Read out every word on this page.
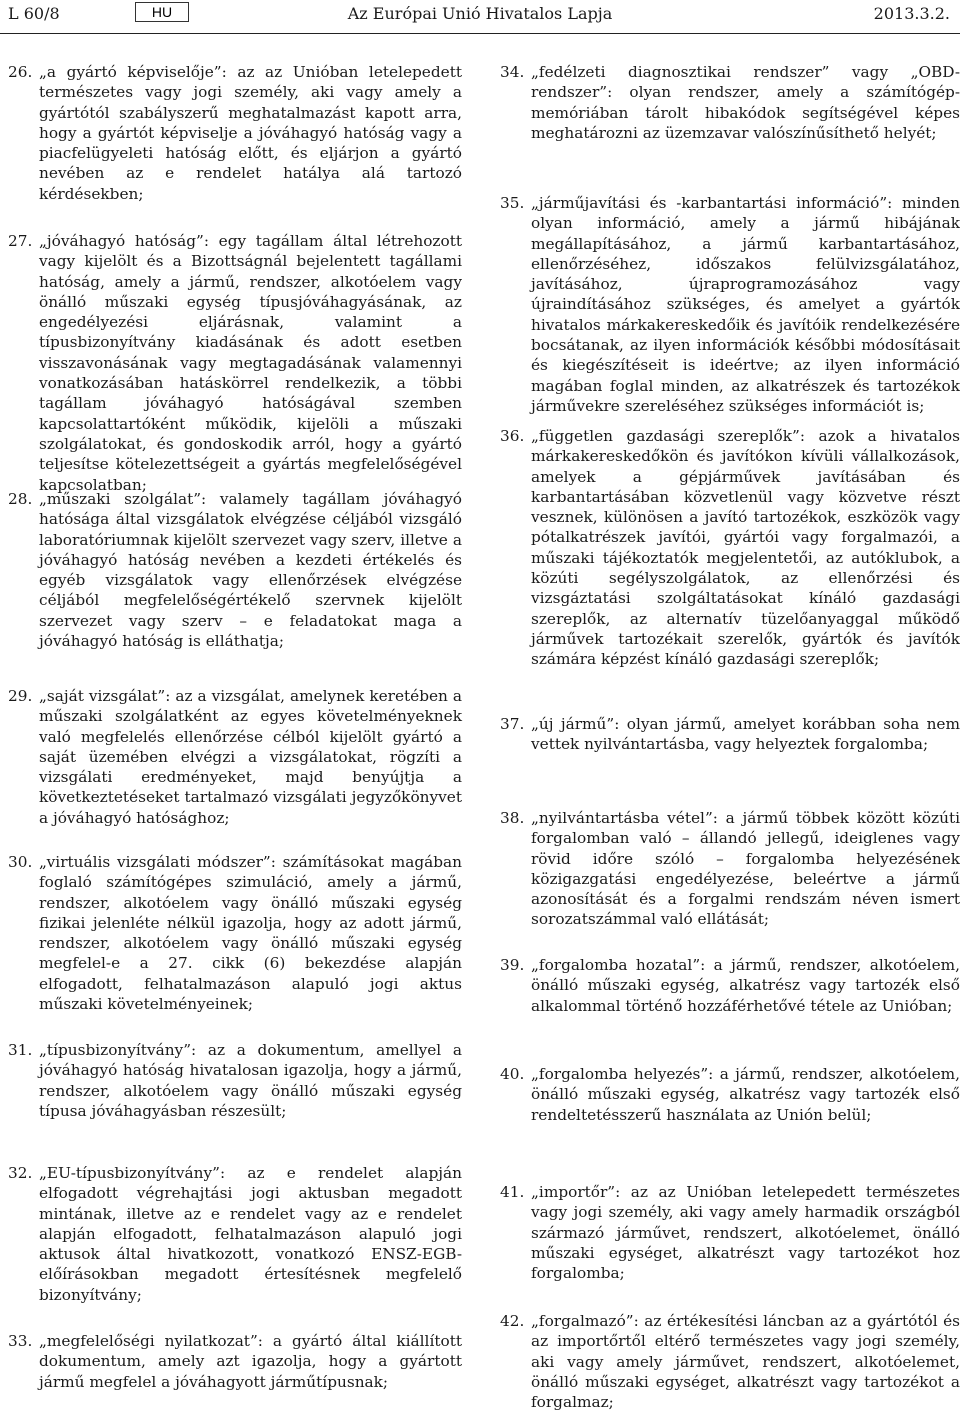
L 60/8	HU	Az Európai Unió Hivatalos Lapja	2013.3.2.
26. „a gyártó képviselője”: az az Unióban letelepedett természetes vagy jogi személy, aki vagy amely a gyártótól szabályszerű meghatalmazást kapott arra, hogy a gyártót képviselje a jóváhagyó hatóság vagy a piacfelügyeleti hatóság előtt, és eljárjon a gyártó nevében az e rendelet hatálya alá tartozó kérdésekben;
27. „jóváhagyó hatóság”: egy tagállam által létrehozott vagy kijelölt és a Bizottságnál bejelentett tagállami hatóság, amely a jármű, rendszer, alkotóelem vagy önálló műszaki egység típusjóváhagyásának, az engedélyezési eljárásnak, valamint a típusbizonyítvány kiadásának és adott esetben visszavonásának vagy megtagadásának valamennyi vonatkozásában hatáskörrel rendelkezik, a többi tagállam jóváhagyó hatóságával szemben kapcsolattartóként működik, kijelöli a műszaki szolgálatokat, és gondoskodik arról, hogy a gyártó teljesítse kötelezettségeit a gyártás megfelelőségével kapcsolatban;
28. „műszaki szolgálat”: valamely tagállam jóváhagyó hatósága által vizsgálatok elvégzése céljából vizsgáló laboratóriumnak kijelölt szervezet vagy szerv, illetve a jóváhagyó hatóság nevében a kezdeti értékelés és egyéb vizsgálatok vagy ellenőrzések elvégzése céljából megfelelőségértékelő szervnek kijelölt szervezet vagy szerv – e feladatokat maga a jóváhagyó hatóság is elláthatja;
29. „saját vizsgálat”: az a vizsgálat, amelynek keretében a műszaki szolgálatként az egyes követelményeknek való megfelelés ellenőrzése célból kijelölt gyártó a saját üzemében elvégzi a vizsgálatokat, rögzíti a vizsgálati eredményeket, majd benyújtja a következtetéseket tartalmazó vizsgálati jegyzőkönyvet a jóváhagyó hatósághoz;
30. „virtuális vizsgálati módszer”: számításokat magában foglaló számítógépes szimuláció, amely a jármű, rendszer, alkotóelem vagy önálló műszaki egység fizikai jelenléte nélkül igazolja, hogy az adott jármű, rendszer, alkotóelem vagy önálló műszaki egység megfelel-e a 27. cikk (6) bekezdése alapján elfogadott, felhatalmazáson alapuló jogi aktus műszaki követelményeinek;
31. „típusbizonyítvány”: az a dokumentum, amellyel a jóváhagyó hatóság hivatalosan igazolja, hogy a jármű, rendszer, alkotóelem vagy önálló műszaki egység típusa jóváhagyásban részesült;
32. „EU-típusbizonyítvány”: az e rendelet alapján elfogadott végrehajtási jogi aktusban megadott mintának, illetve az e rendelet vagy az e rendelet alapján elfogadott, felhatalmazáson alapuló jogi aktusok által hivatkozott, vonatkozó ENSZ-EGB-előírásokban megadott értesítésnek megfelelő bizonyítvány;
33. „megfelelőségi nyilatkozat”: a gyártó által kiállított dokumentum, amely azt igazolja, hogy a gyártott jármű megfelel a jóváhagyott járműtípusnak;
34. „fedélzeti diagnosztikai rendszer” vagy „OBD-rendszer”: olyan rendszer, amely a számítógép-memóriában tárolt hibakódok segítségével képes meghatározni az üzemzavar valószínűsíthető helyét;
35. „járműjavítási és -karbantartási információ”: minden olyan információ, amely a jármű hibájának megállapításához, a jármű karbantartásához, ellenőrzéséhez, időszakos felülvizsgálatához, javításához, újraprogramozásához vagy újraindításához szükséges, és amelyet a gyártók hivatalos márkakereskedőik és javítóik rendelkezésére bocsátanak, az ilyen információk későbbi módosításait és kiegészítéseit is ideértve; az ilyen információ magában foglal minden, az alkatrészek és tartozékok járművekre szereléséhez szükséges információt is;
36. „független gazdasági szereplők”: azok a hivatalos márkakereskedőkön és javítókon kívüli vállalkozások, amelyek a gépjárművek javításában és karbantartásában közvetlenül vagy közvetve részt vesznek, különösen a javító tartozékok, eszközök vagy pótalkatrészek javítói, gyártói vagy forgalmazói, a műszaki tájékoztatók megjelentetői, az autóklubok, a közúti segélyszolgálatok, az ellenőrzési és vizsgáztatási szolgáltatásokat kínáló gazdasági szereplők, az alternatív tüzelőanyaggal működő járművek tartozékait szerelők, gyártók és javítók számára képzést kínáló gazdasági szereplők;
37. „új jármű”: olyan jármű, amelyet korábban soha nem vettek nyilvántartásba, vagy helyeztek forgalomba;
38. „nyilvántartásba vétel”: a jármű többek között közúti forgalomban való – állandó jellegű, ideiglenes vagy rövid időre szóló – forgalomba helyezésének közigazgatási engedélyezése, beleértve a jármű azonosítását és a forgalmi rendszám néven ismert sorozatszámmal való ellátását;
39. „forgalomba hozatal”: a jármű, rendszer, alkotóelem, önálló műszaki egység, alkatrész vagy tartozék első alkalommal történő hozzáférhetővé tétele az Unióban;
40. „forgalomba helyezés”: a jármű, rendszer, alkotóelem, önálló műszaki egység, alkatrész vagy tartozék első rendeltetésszerű használata az Unión belül;
41. „importőr”: az az Unióban letelepedett természetes vagy jogi személy, aki vagy amely harmadik országból származó járművet, rendszert, alkotóelemet, önálló műszaki egységet, alkatrészt vagy tartozékot hoz forgalomba;
42. „forgalmazó”: az értékesítési láncban az a gyártótól és az importőrtől eltérő természetes vagy jogi személy, aki vagy amely járművet, rendszert, alkotóelemet, önálló műszaki egységet, alkatrészt vagy tartozékot a forgalmaz;
